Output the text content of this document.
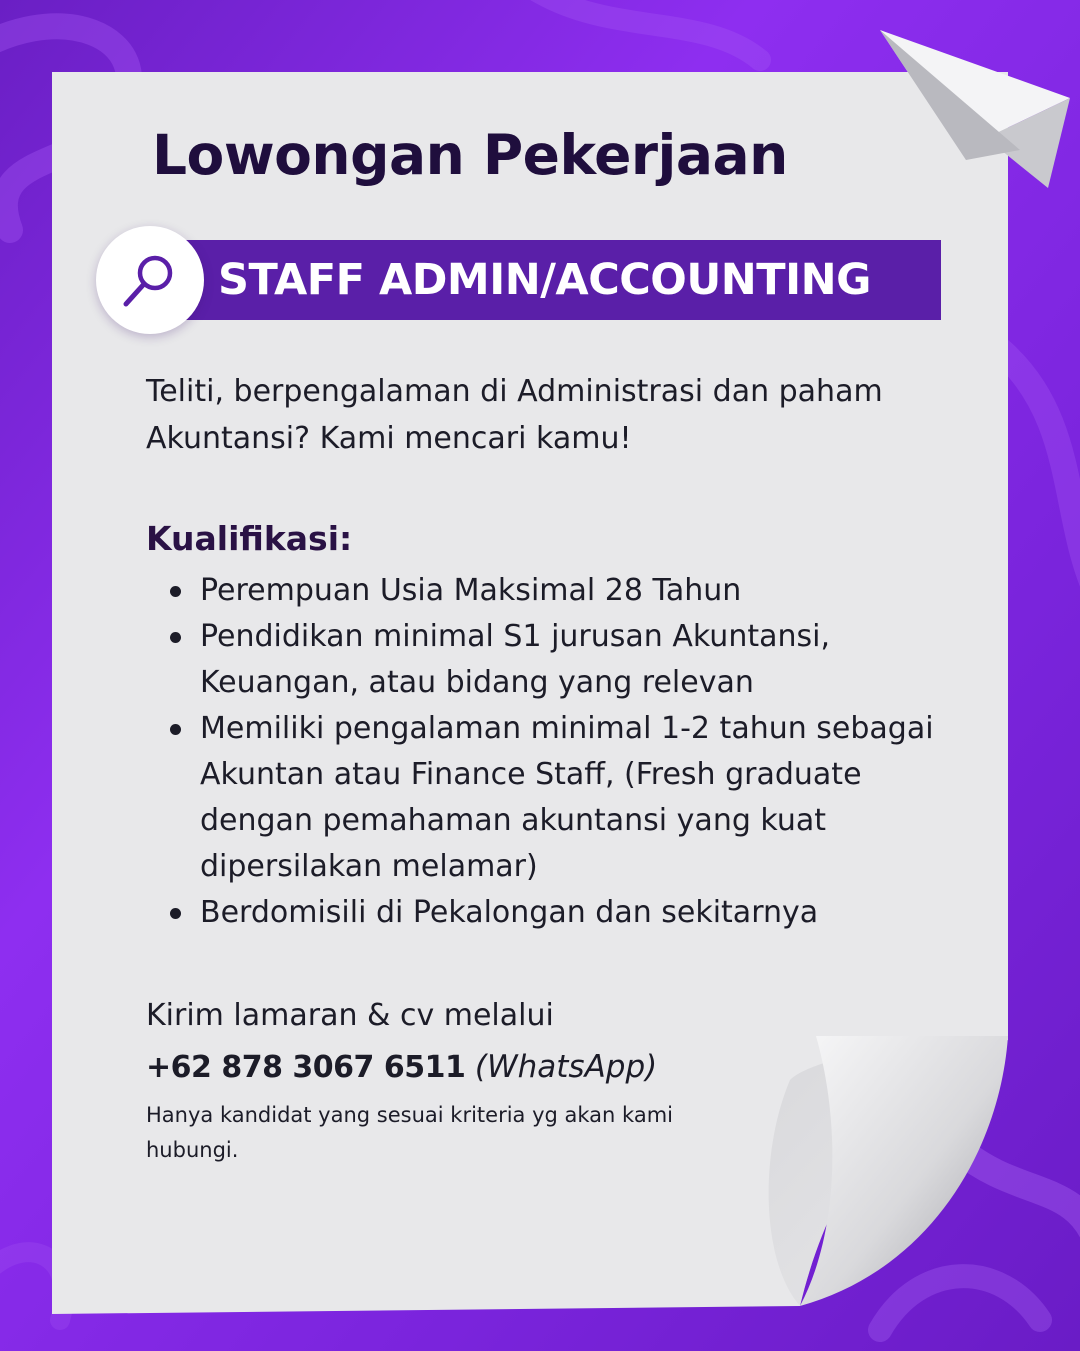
Lowongan Pekerjaan
STAFF ADMIN/ACCOUNTING

Teliti, berpengalaman di Administrasi dan paham Akuntansi? Kami mencari kamu!

Kualifikasi:
Perempuan Usia Maksimal 28 Tahun
Pendidikan minimal S1 jurusan Akuntansi, Keuangan, atau bidang yang relevan
Memiliki pengalaman minimal 1-2 tahun sebagai Akuntan atau Finance Staff, (Fresh graduate dengan pemahaman akuntansi yang kuat dipersilakan melamar)
Berdomisili di Pekalongan dan sekitarnya

Kirim lamaran & cv melalui

+62 878 3067 6511 (WhatsApp)

Hanya kandidat yang sesuai kriteria yg akan kami hubungi.
